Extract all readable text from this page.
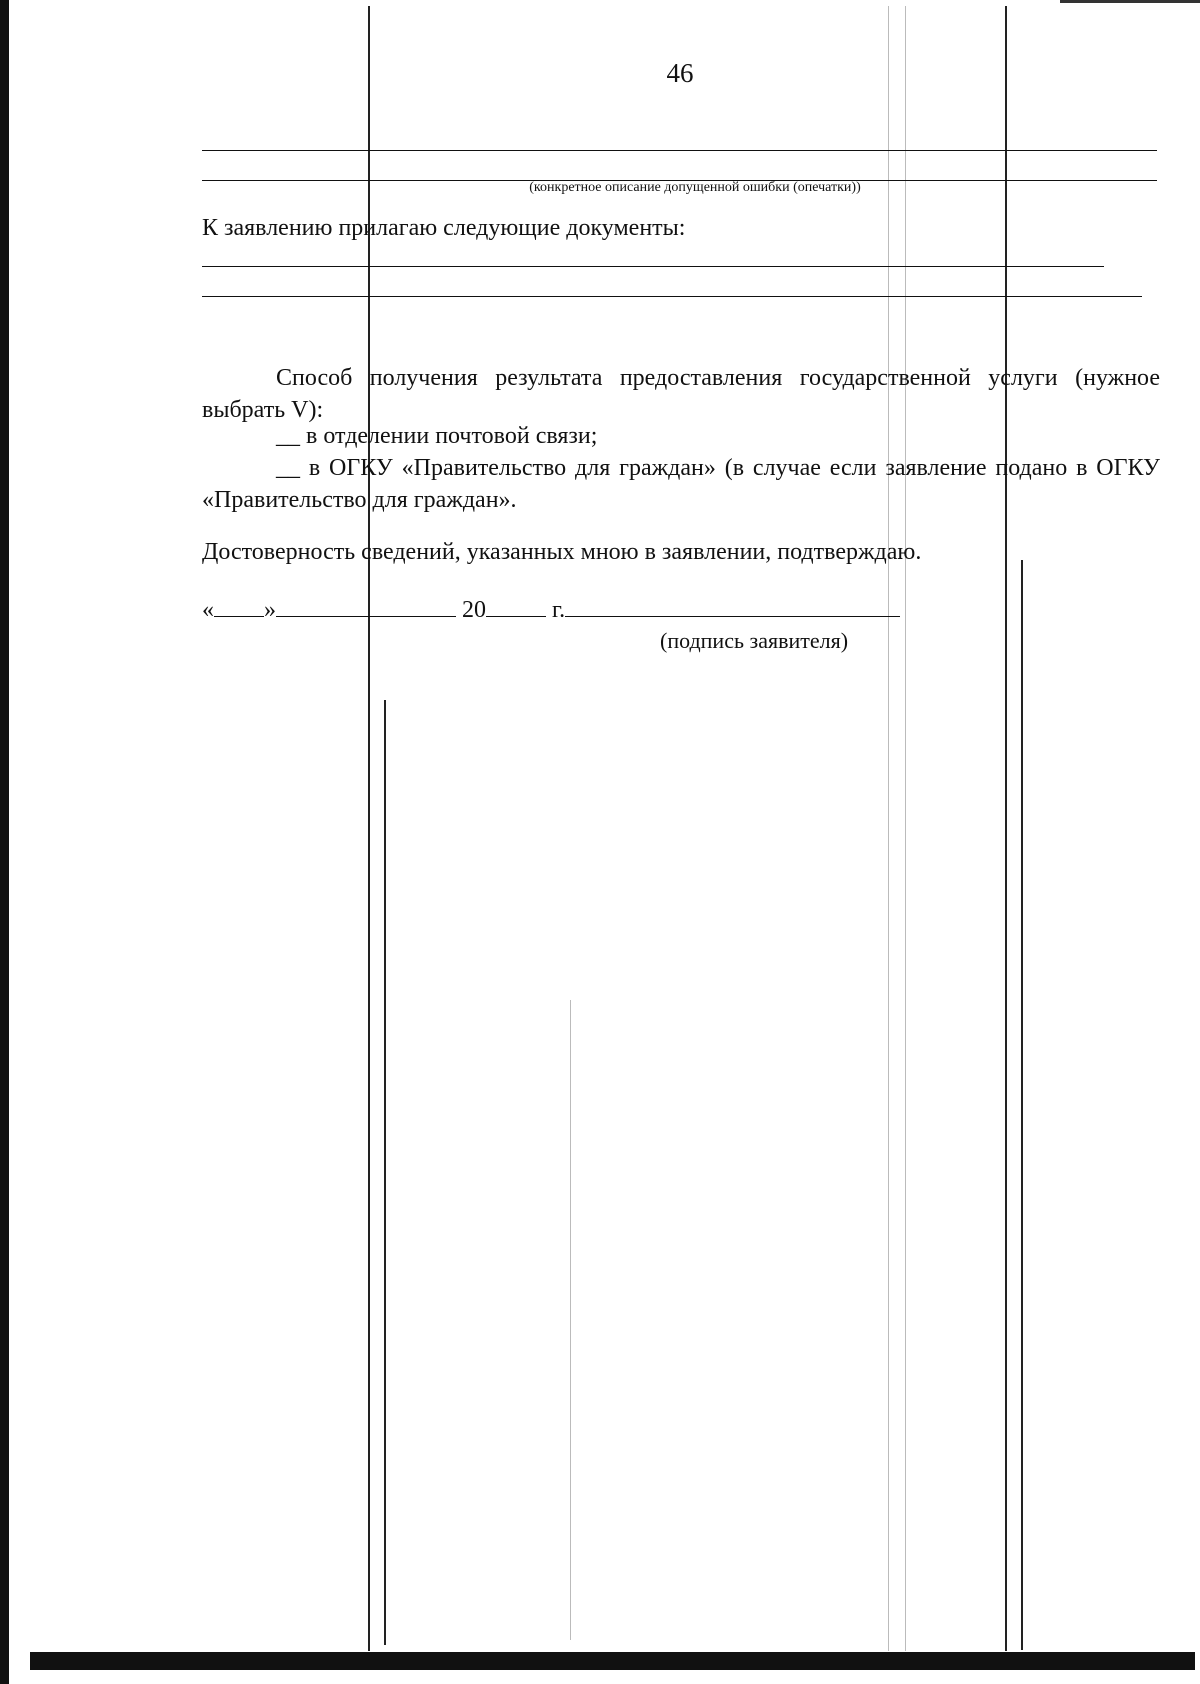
46
(конкретное описание допущенной ошибки (опечатки))
К заявлению прилагаю следующие документы:
Способ получения результата предоставления государственной услуги (нужное выбрать V):
__ в отделении почтовой связи;
__ в ОГКУ «Правительство для граждан» (в случае если заявление подано в ОГКУ «Правительство для граждан».
Достоверность сведений, указанных мною в заявлении, подтверждаю.
« »	20	г.
(подпись заявителя)
